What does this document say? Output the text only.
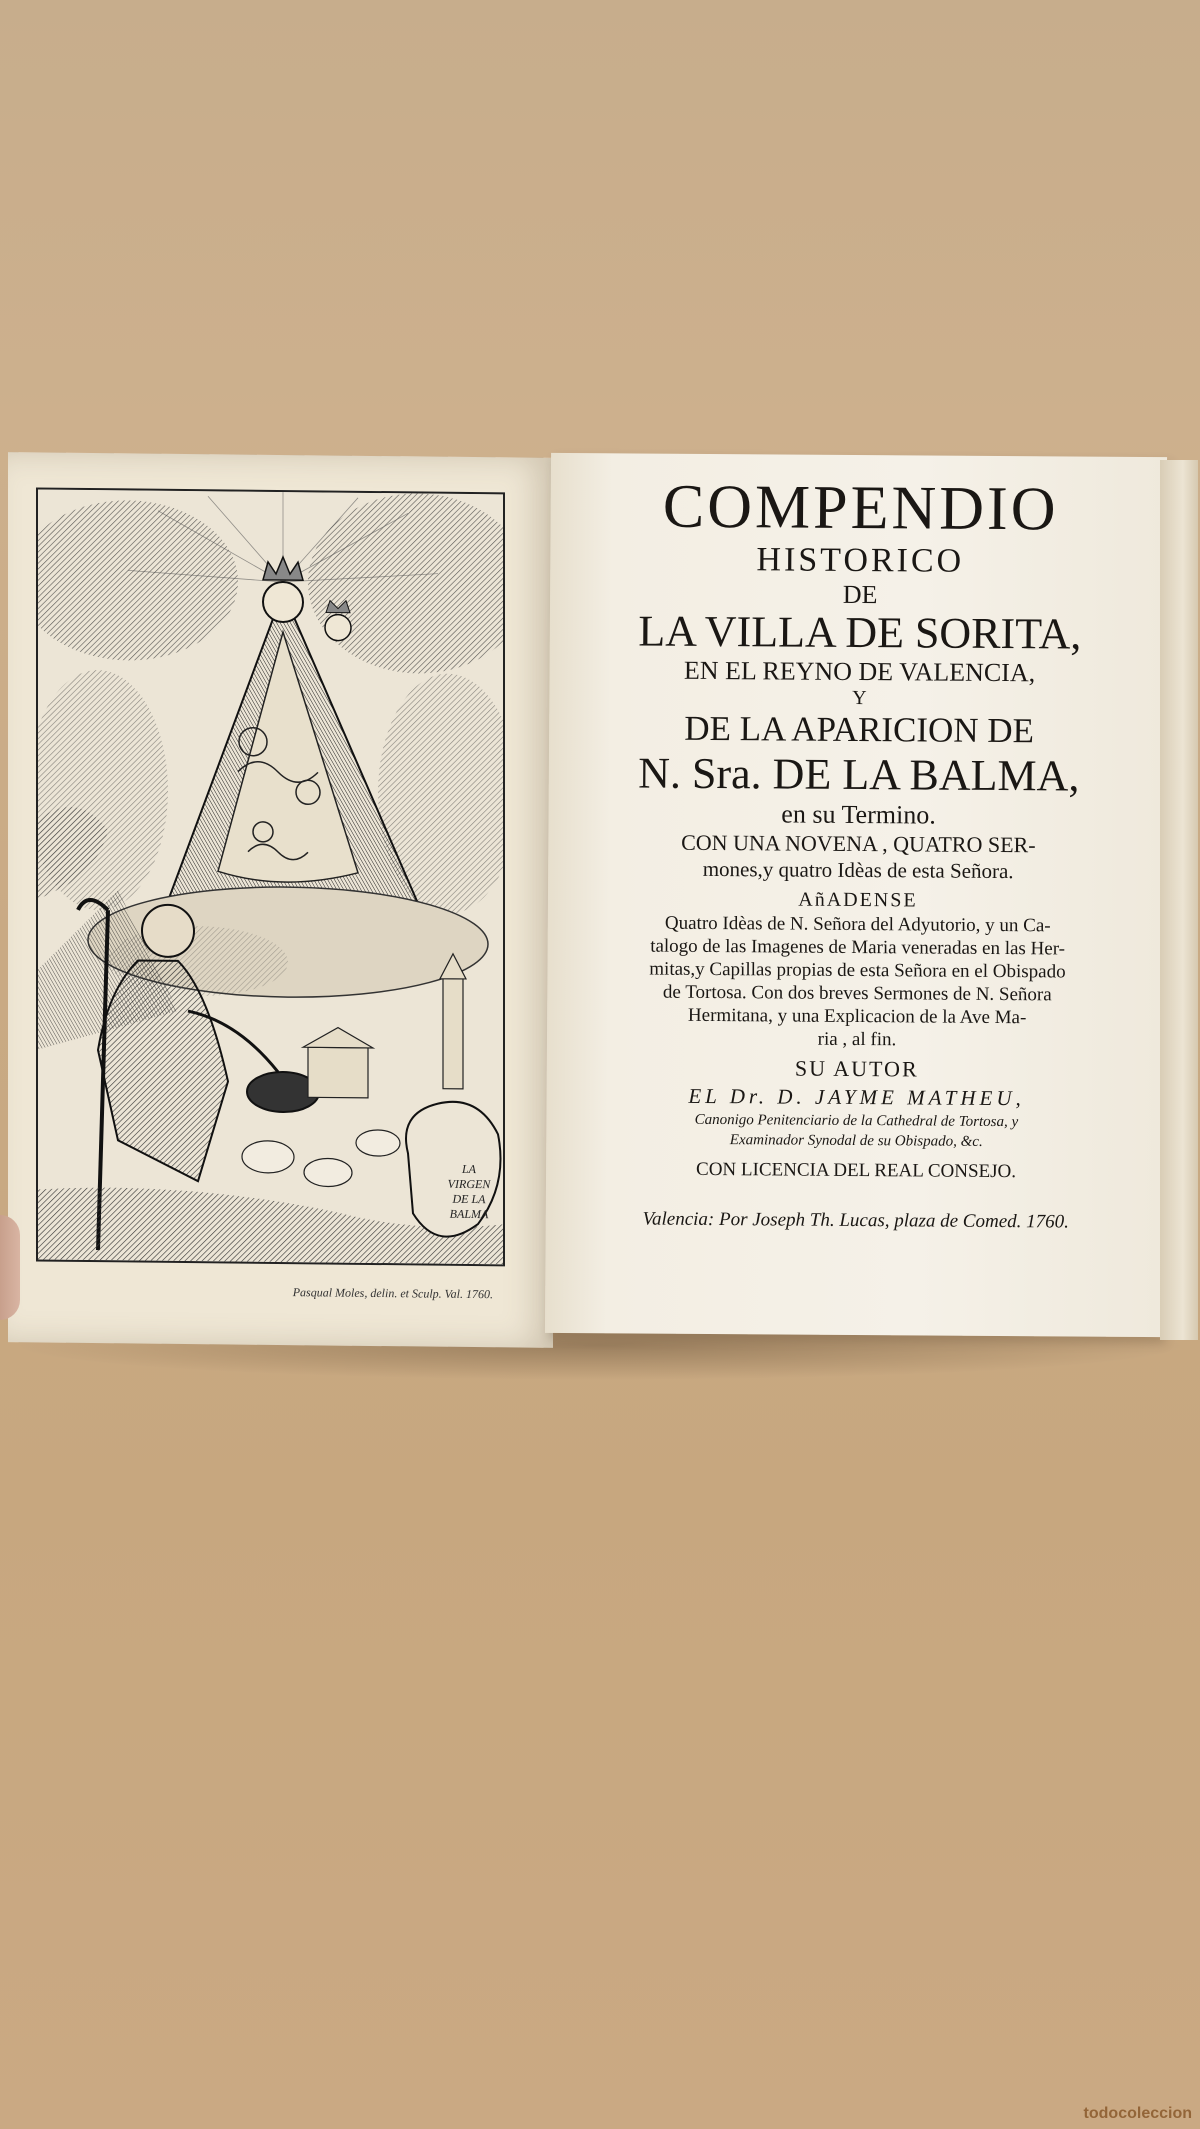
LA
VIRGEN
DE LA
BALMA
Pasqual Moles, delin. et Sculp. Val. 1760.
COMPENDIO
HISTORICO
DE
LA VILLA DE SORITA,
EN EL REYNO DE VALENCIA,
Y
DE LA APARICION DE
N. Sra. DE LA BALMA,
en su Termino.
CON UNA NOVENA , QUATRO SER-
mones,y quatro Idèas de esta Señora.
AñADENSE
Quatro Idèas de N. Señora del Adyutorio, y un Ca-
talogo de las Imagenes de Maria veneradas en las Her-
mitas,y Capillas propias de esta Señora en el Obispado
de Tortosa. Con dos breves Sermones de N. Señora
Hermitana, y una Explicacion de la Ave Ma-
ria , al fin.
SU AUTOR
EL Dr. D. JAYME MATHEU,
Canonigo Penitenciario de la Cathedral de Tortosa, y
Examinador Synodal de su Obispado, &c.
CON LICENCIA DEL REAL CONSEJO.
Valencia: Por Joseph Th. Lucas, plaza de Comed. 1760.
todocoleccion
